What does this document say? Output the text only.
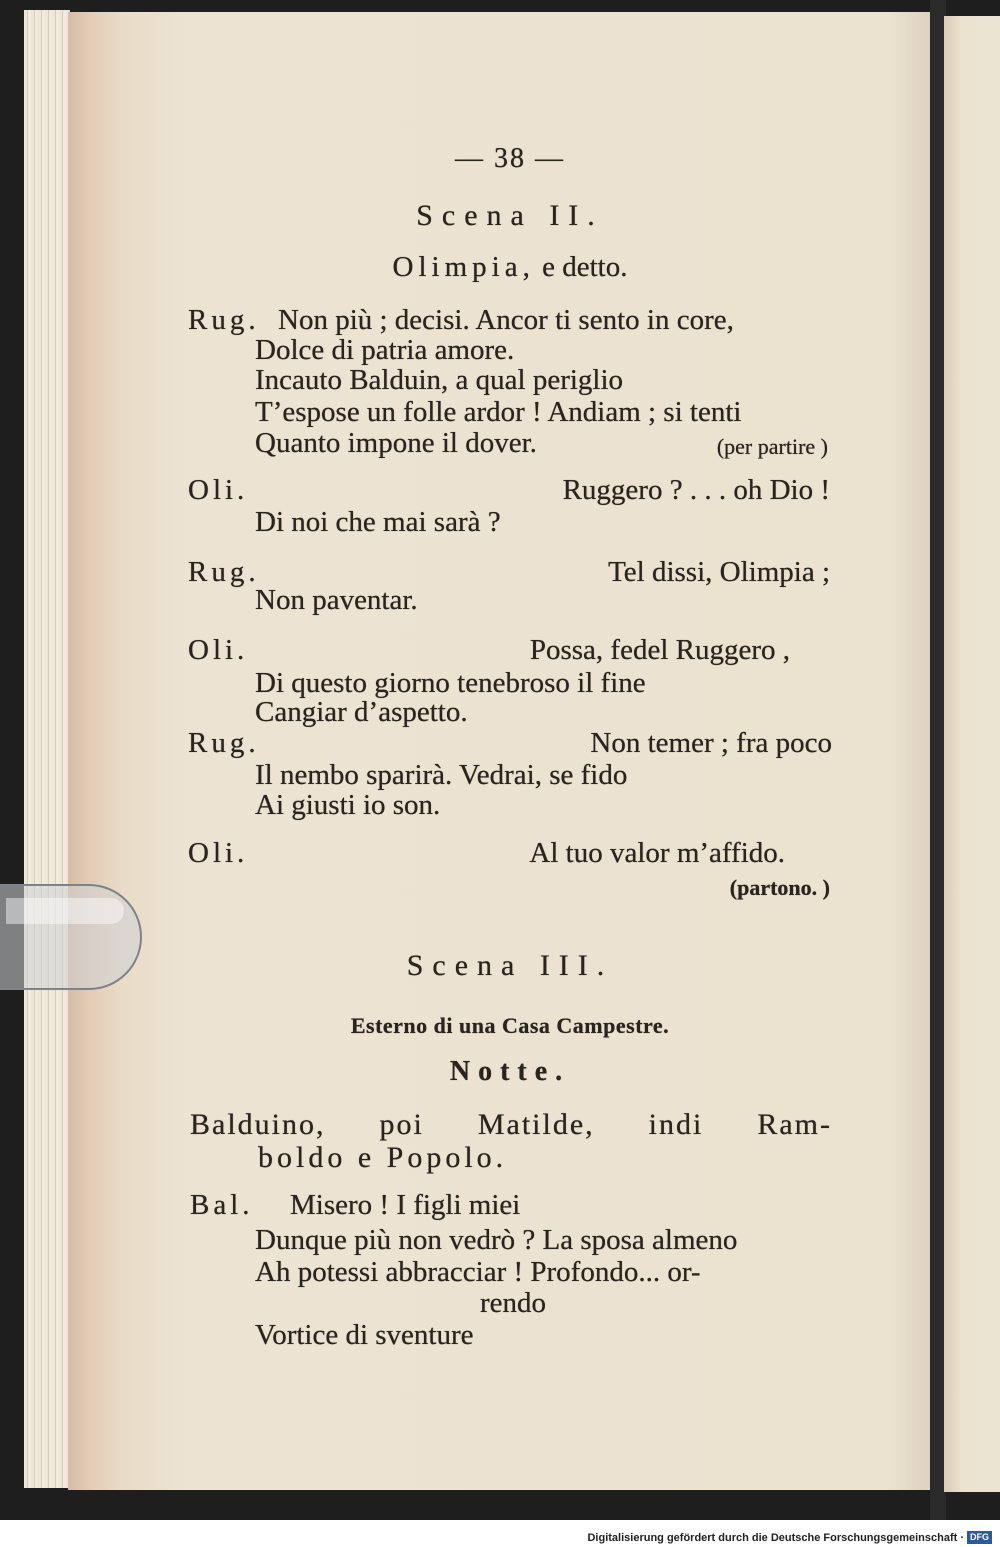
— 38 —
Scena II.
Olimpia, e detto.
Rug. Non più ; decisi. Ancor ti sento in core,
Dolce di patria amore.
Incauto Balduin, a qual periglio
T’espose un folle ardor ! Andiam ; si tenti
Quanto impone il dover.	(per partire )
Oli.	Ruggero ? . . . oh Dio !
Di noi che mai sarà ?
Rug.	Tel dissi, Olimpia ;
Non paventar.
Oli.	Possa, fedel Ruggero ,
Di questo giorno tenebroso il fine
Cangiar d’aspetto.
Rug.	Non temer ; fra poco
Il nembo sparirà. Vedrai, se fido
Ai giusti io son.
Oli.	Al tuo valor m’affido.
(partono. )
Scena III.
Esterno di una Casa Campestre.
Notte.
Balduino, poi Matilde, indi Ram-
boldo e Popolo.
Bal. Misero ! I figli miei
Dunque più non vedrò ? La sposa almeno
Ah potessi abbracciar ! Profondo... or-
rendo
Vortice di sventure
Digitalisierung gefördert durch die Deutsche Forschungsgemeinschaft · DFG
